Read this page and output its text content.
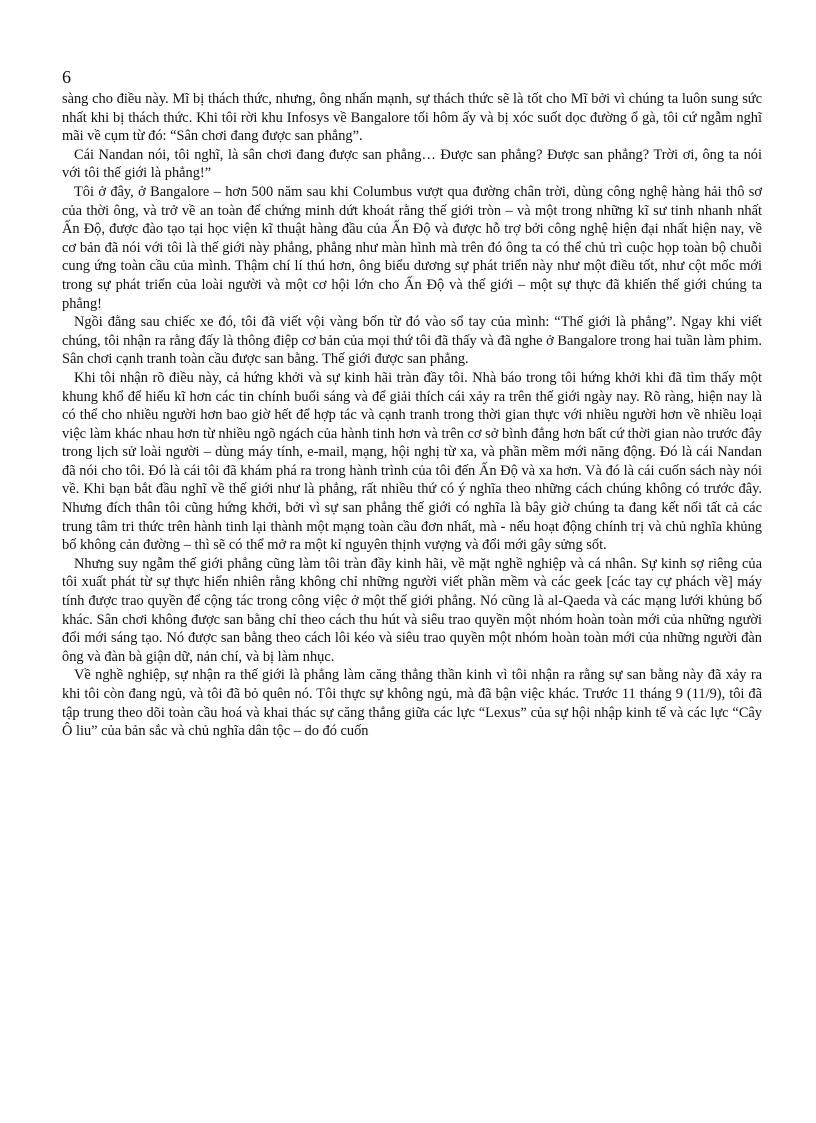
6

sàng cho điều này. Mĩ bị thách thức, nhưng, ông nhấn mạnh, sự thách thức sẽ là tốt cho Mĩ bởi vì chúng ta luôn sung sức nhất khi bị thách thức. Khi tôi rời khu Infosys về Bangalore tối hôm ấy và bị xóc suốt dọc đường ổ gà, tôi cứ ngẫm nghĩ mãi về cụm từ đó: “Sân chơi đang được san phẳng”.

Cái Nandan nói, tôi nghĩ, là sân chơi đang được san phẳng… Được san phẳng? Được san phẳng? Trời ơi, ông ta nói với tôi thế giới là phẳng!”

Tôi ở đây, ở Bangalore – hơn 500 năm sau khi Columbus vượt qua đường chân trời, dùng công nghệ hàng hải thô sơ của thời ông, và trở về an toàn để chứng minh dứt khoát rằng thế giới tròn – và một trong những kĩ sư tinh nhanh nhất Ấn Độ, được đào tạo tại học viện kĩ thuật hàng đầu của Ấn Độ và được hỗ trợ bởi công nghệ hiện đại nhất hiện nay, về cơ bản đã nói với tôi là thế giới này phẳng, phẳng như màn hình mà trên đó ông ta có thể chủ trì cuộc họp toàn bộ chuỗi cung ứng toàn cầu của mình. Thậm chí lí thú hơn, ông biểu dương sự phát triển này như một điều tốt, như cột mốc mới trong sự phát triển của loài người và một cơ hội lớn cho Ấn Độ và thế giới – một sự thực đã khiến thế giới chúng ta phẳng!

Ngồi đằng sau chiếc xe đó, tôi đã viết vội vàng bốn từ đó vào sổ tay của mình: “Thế giới là phẳng”. Ngay khi viết chúng, tôi nhận ra rằng đấy là thông điệp cơ bản của mọi thứ tôi đã thấy và đã nghe ở Bangalore trong hai tuần làm phim. Sân chơi cạnh tranh toàn cầu được san bằng. Thế giới được san phẳng.

Khi tôi nhận rõ điều này, cả hứng khởi và sự kinh hãi tràn đầy tôi. Nhà báo trong tôi hứng khởi khi đã tìm thấy một khung khổ để hiểu kĩ hơn các tin chính buổi sáng và để giải thích cái xảy ra trên thế giới ngày nay. Rõ ràng, hiện nay là có thể cho nhiều người hơn bao giờ hết để hợp tác và cạnh tranh trong thời gian thực với nhiều người hơn về nhiều loại việc làm khác nhau hơn từ nhiều ngõ ngách của hành tinh hơn và trên cơ sở bình đẳng hơn bất cứ thời gian nào trước đây trong lịch sử loài người – dùng máy tính, e-mail, mạng, hội nghị từ xa, và phần mềm mới năng động. Đó là cái Nandan đã nói cho tôi. Đó là cái tôi đã khám phá ra trong hành trình của tôi đến Ấn Độ và xa hơn. Và đó là cái cuốn sách này nói về. Khi bạn bắt đầu nghĩ về thế giới như là phẳng, rất nhiều thứ có ý nghĩa theo những cách chúng không có trước đây. Nhưng đích thân tôi cũng hứng khởi, bởi vì sự san phẳng thế giới có nghĩa là bây giờ chúng ta đang kết nối tất cả các trung tâm tri thức trên hành tinh lại thành một mạng toàn cầu đơn nhất, mà - nếu hoạt động chính trị và chủ nghĩa khủng bố không cản đường – thì sẽ có thể mở ra một kỉ nguyên thịnh vượng và đổi mới gây sửng sốt.

Nhưng suy ngẫm thế giới phẳng cũng làm tôi tràn đầy kinh hãi, về mặt nghề nghiệp và cá nhân. Sự kinh sợ riêng của tôi xuất phát từ sự thực hiển nhiên rằng không chỉ những người viết phần mềm và các geek [các tay cự phách về] máy tính được trao quyền để cộng tác trong công việc ở một thế giới phẳng. Nó cũng là al-Qaeda và các mạng lưới khủng bố khác. Sân chơi không được san bằng chỉ theo cách thu hút và siêu trao quyền một nhóm hoàn toàn mới của những người đổi mới sáng tạo. Nó được san bằng theo cách lôi kéo và siêu trao quyền một nhóm hoàn toàn mới của những người đàn ông và đàn bà giận dữ, nản chí, và bị làm nhục.

Về nghề nghiệp, sự nhận ra thế giới là phẳng làm căng thẳng thần kinh vì tôi nhận ra rằng sự san bằng này đã xảy ra khi tôi còn đang ngủ, và tôi đã bỏ quên nó. Tôi thực sự không ngủ, mà đã bận việc khác. Trước 11 tháng 9 (11/9), tôi đã tập trung theo dõi toàn cầu hoá và khai thác sự căng thẳng giữa các lực “Lexus” của sự hội nhập kinh tế và các lực “Cây Ô liu” của bản sắc và chủ nghĩa dân tộc – do đó cuốn
